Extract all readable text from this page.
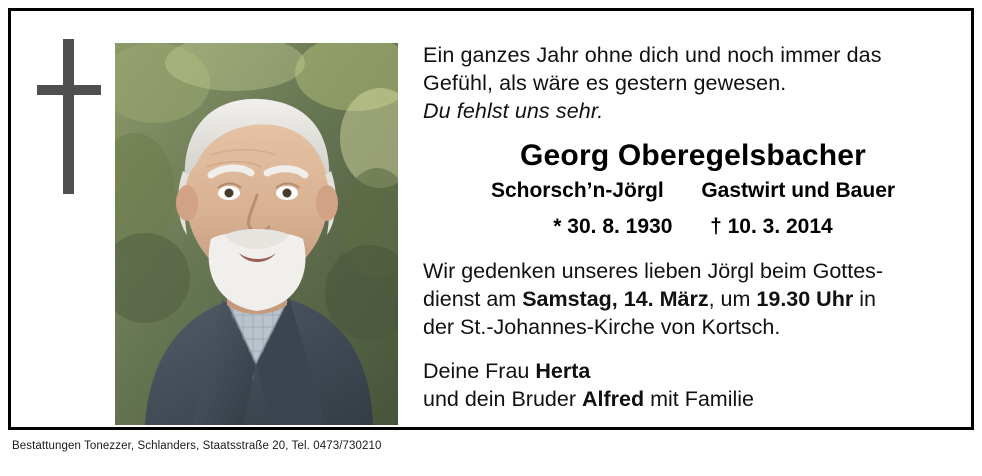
Ein ganzes Jahr ohne dich und noch immer das
Gefühl, als wäre es gestern gewesen.
Du fehlst uns sehr.
Georg Oberegelsbacher
Schorsch’n-Jörgl Gastwirt und Bauer
* 30. 8. 1930 † 10. 3. 2014
Wir gedenken unseres lieben Jörgl beim Gottes-
dienst am Samstag, 14. März, um 19.30 Uhr in
der St.-Johannes-Kirche von Kortsch.
Deine Frau Herta
und dein Bruder Alfred mit Familie
Bestattungen Tonezzer, Schlanders, Staatsstraße 20, Tel. 0473/730210
